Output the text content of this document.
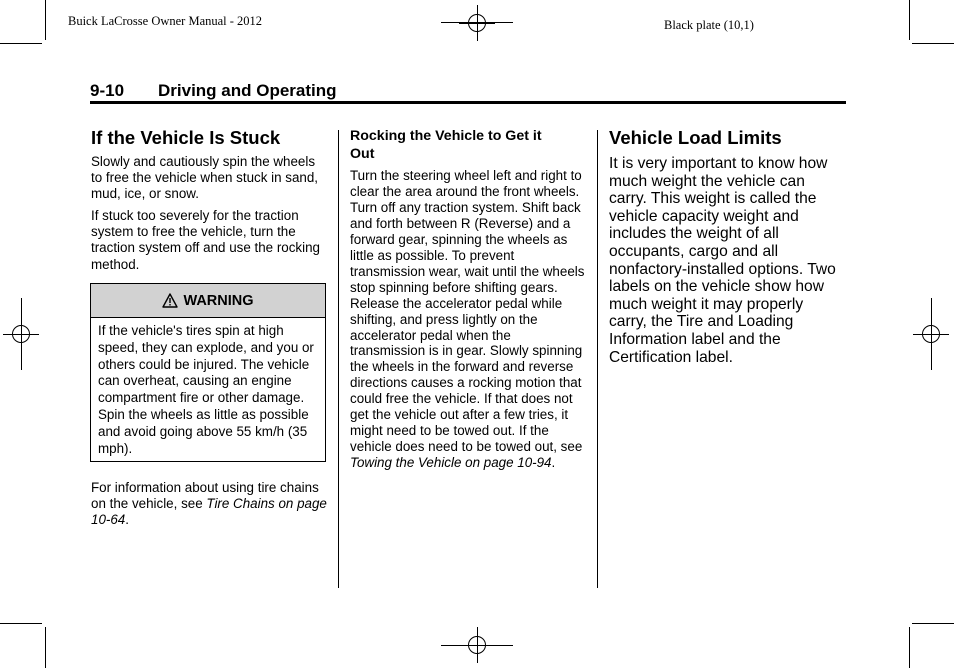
Buick LaCrosse Owner Manual - 2012	Black plate (10,1)
9-10 Driving and Operating
If the Vehicle Is Stuck

Slowly and cautiously spin the wheels to free the vehicle when stuck in sand, mud, ice, or snow.

If stuck too severely for the traction system to free the vehicle, turn the traction system off and use the rocking method.

WARNING
If the vehicle's tires spin at high speed, they can explode, and you or others could be injured. The vehicle can overheat, causing an engine compartment fire or other damage. Spin the wheels as little as possible and avoid going above 55 km/h (35 mph).

For information about using tire chains on the vehicle, see Tire Chains on page 10-64.

Rocking the Vehicle to Get it Out

Turn the steering wheel left and right to clear the area around the front wheels. Turn off any traction system. Shift back and forth between R (Reverse) and a forward gear, spinning the wheels as little as possible. To prevent transmission wear, wait until the wheels stop spinning before shifting gears. Release the accelerator pedal while shifting, and press lightly on the accelerator pedal when the transmission is in gear. Slowly spinning the wheels in the forward and reverse directions causes a rocking motion that could free the vehicle. If that does not get the vehicle out after a few tries, it might need to be towed out. If the vehicle does need to be towed out, see Towing the Vehicle on page 10-94.

Vehicle Load Limits

It is very important to know how much weight the vehicle can carry. This weight is called the vehicle capacity weight and includes the weight of all occupants, cargo and all nonfactory-installed options. Two labels on the vehicle show how much weight it may properly carry, the Tire and Loading Information label and the Certification label.
